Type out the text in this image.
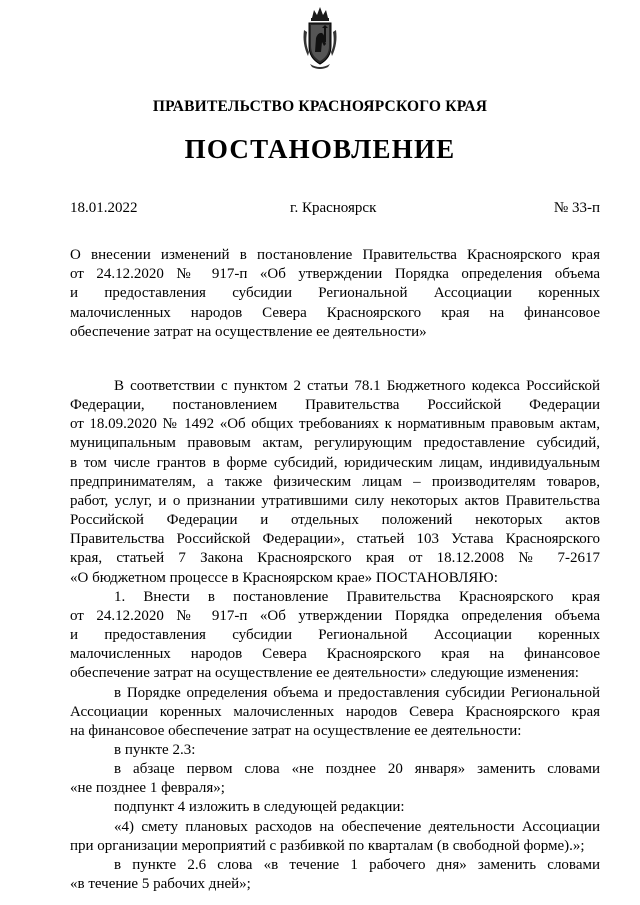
ПРАВИТЕЛЬСТВО КРАСНОЯРСКОГО КРАЯ
ПОСТАНОВЛЕНИЕ
18.01.2022	г. Красноярск	№ 33-п
О внесении изменений в постановление Правительства Красноярского края
от 24.12.2020 № 917-п «Об утверждении Порядка определения объема
и предоставления субсидии Региональной Ассоциации коренных
малочисленных народов Севера Красноярского края на финансовое
обеспечение затрат на осуществление ее деятельности»
В соответствии с пунктом 2 статьи 78.1 Бюджетного кодекса Российской
Федерации, постановлением Правительства Российской Федерации
от 18.09.2020 № 1492 «Об общих требованиях к нормативным правовым актам,
муниципальным правовым актам, регулирующим предоставление субсидий,
в том числе грантов в форме субсидий, юридическим лицам, индивидуальным
предпринимателям, а также физическим лицам – производителям товаров,
работ, услуг, и о признании утратившими силу некоторых актов Правительства
Российской Федерации и отдельных положений некоторых актов
Правительства Российской Федерации», статьей 103 Устава Красноярского
края, статьей 7 Закона Красноярского края от 18.12.2008 № 7-2617
«О бюджетном процессе в Красноярском крае» ПОСТАНОВЛЯЮ:
1. Внести в постановление Правительства Красноярского края
от 24.12.2020 № 917-п «Об утверждении Порядка определения объема
и предоставления субсидии Региональной Ассоциации коренных
малочисленных народов Севера Красноярского края на финансовое
обеспечение затрат на осуществление ее деятельности» следующие изменения:
в Порядке определения объема и предоставления субсидии Региональной
Ассоциации коренных малочисленных народов Севера Красноярского края
на финансовое обеспечение затрат на осуществление ее деятельности:
в пункте 2.3:
в абзаце первом слова «не позднее 20 января» заменить словами
«не позднее 1 февраля»;
подпункт 4 изложить в следующей редакции:
«4) смету плановых расходов на обеспечение деятельности Ассоциации
при организации мероприятий с разбивкой по кварталам (в свободной форме).»;
в пункте 2.6 слова «в течение 1 рабочего дня» заменить словами
«в течение 5 рабочих дней»;
